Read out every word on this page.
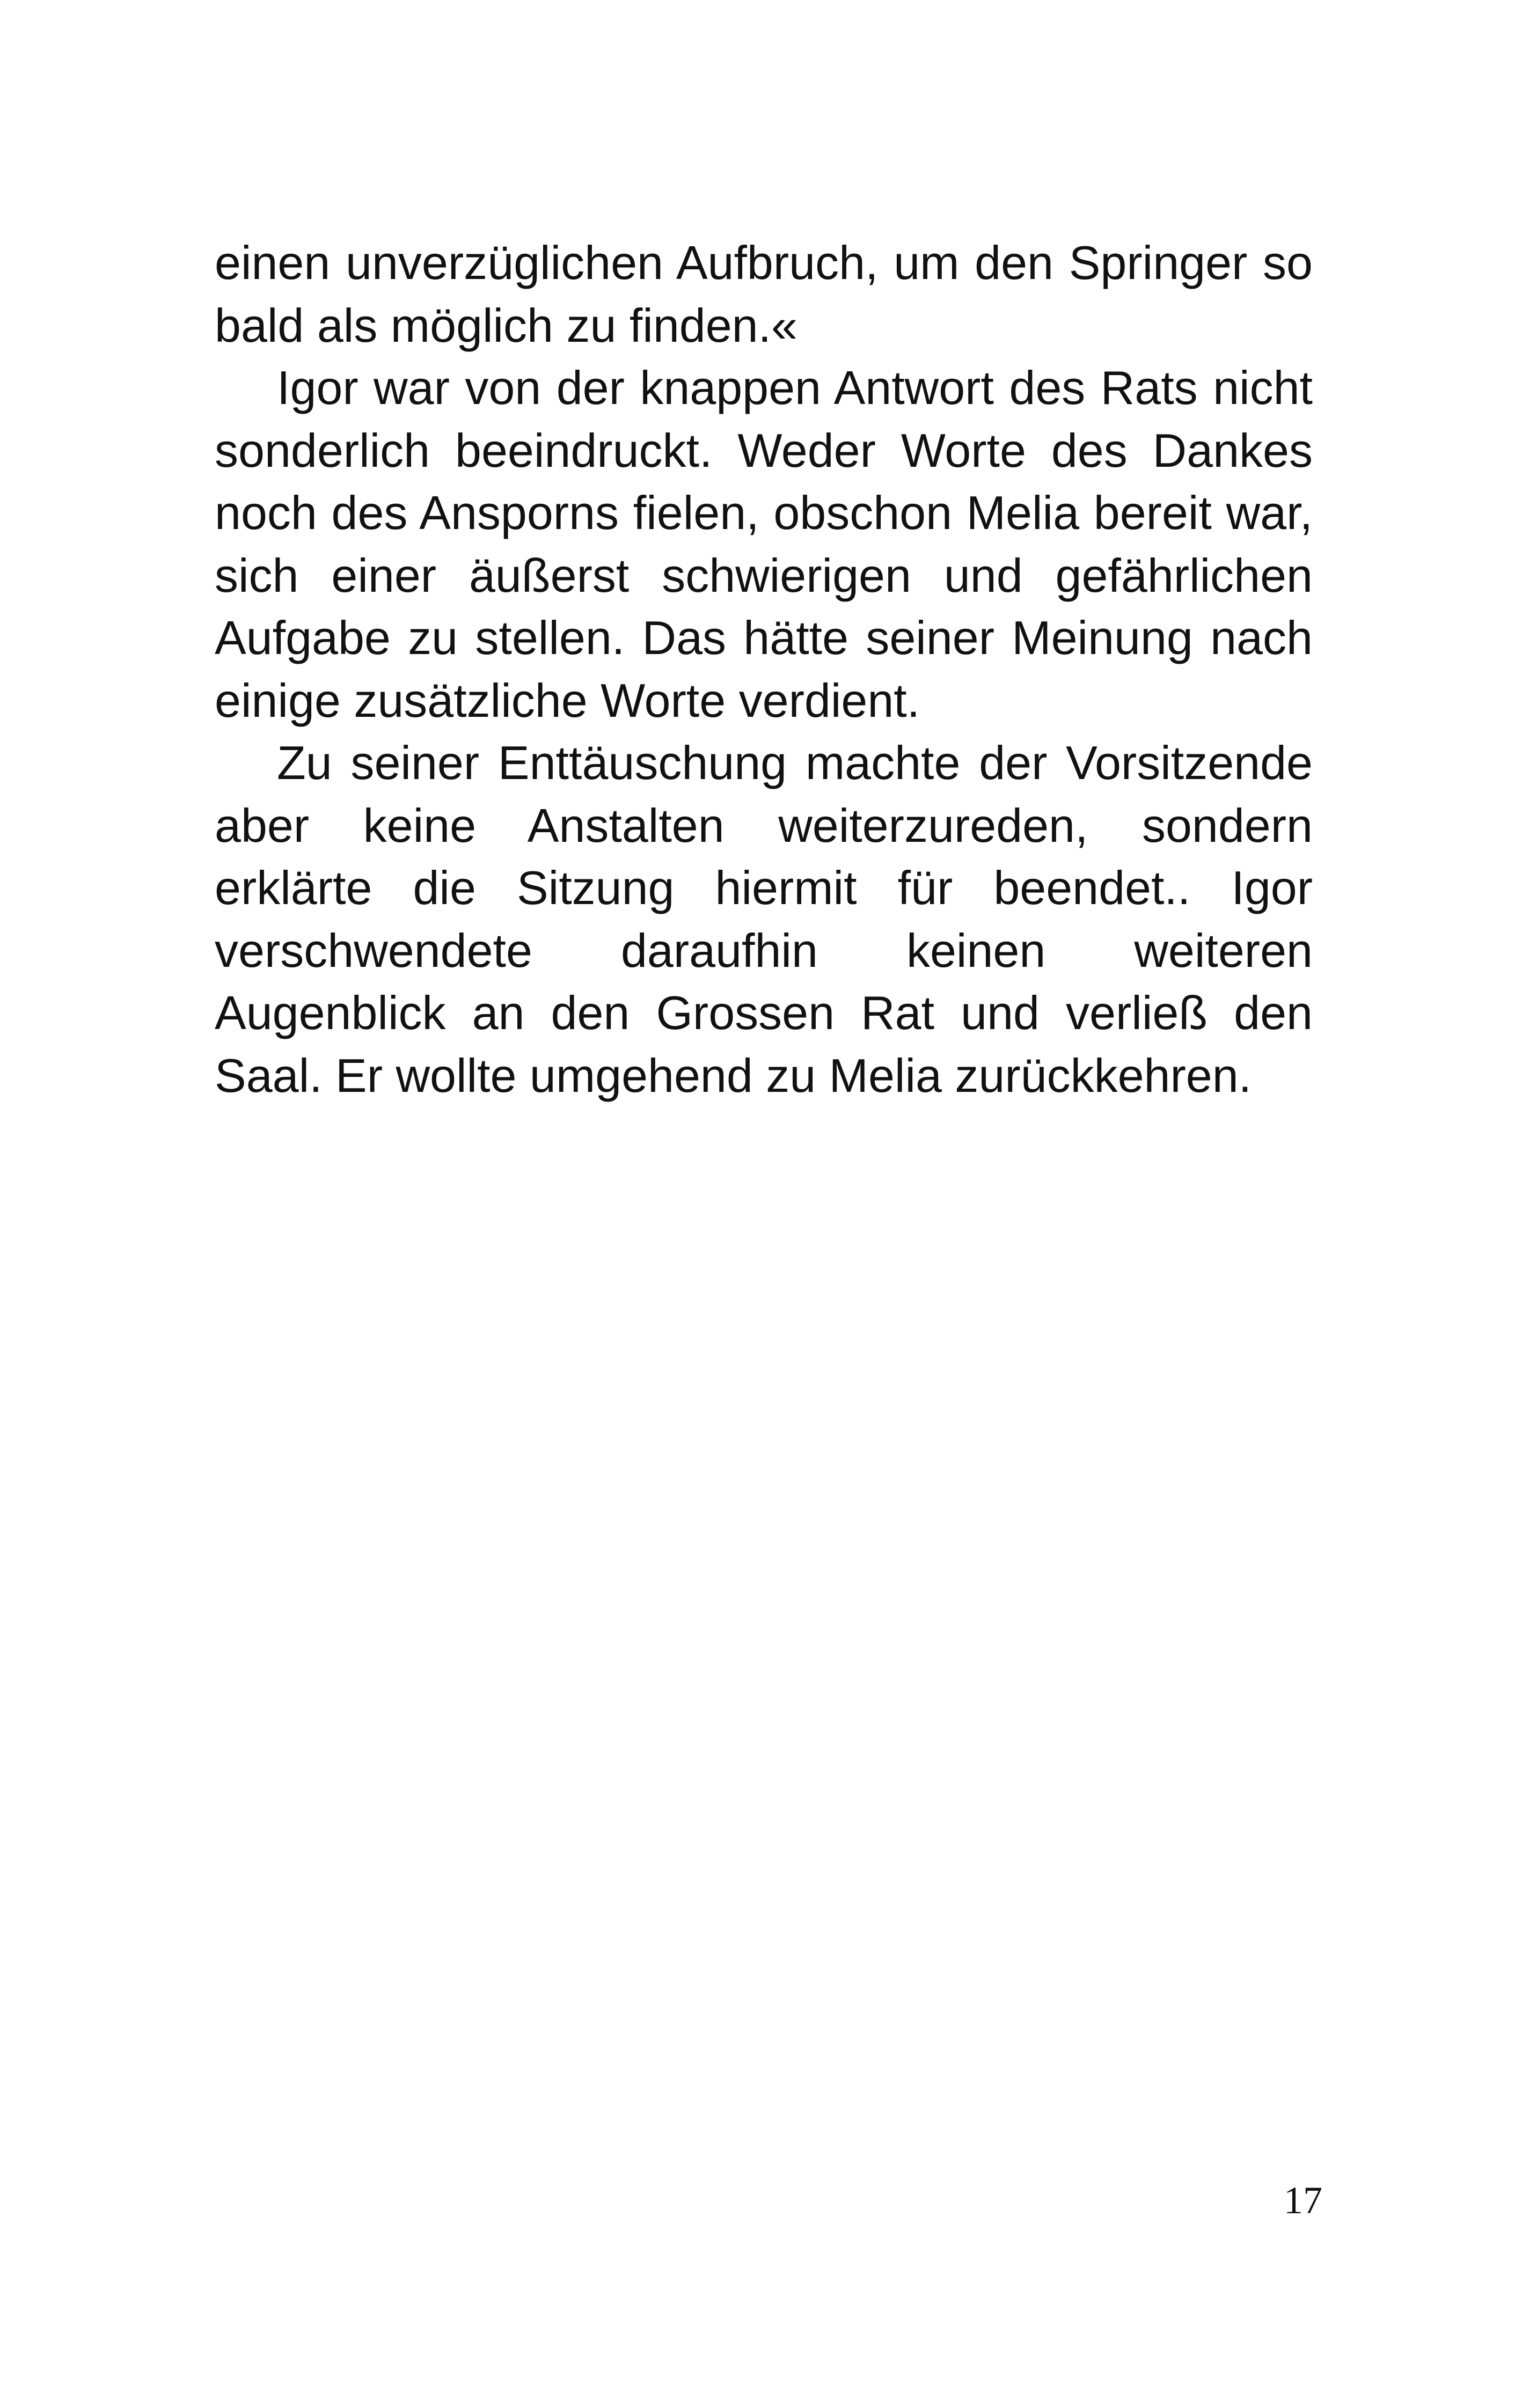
einen unverzüglichen Aufbruch, um den Springer so bald als möglich zu finden.«

Igor war von der knappen Antwort des Rats nicht sonderlich beeindruckt. Weder Worte des Dankes noch des Ansporns fielen, obschon Melia bereit war, sich einer äußerst schwierigen und gefährlichen Aufgabe zu stellen. Das hätte seiner Meinung nach einige zusätzliche Worte verdient.

Zu seiner Enttäuschung machte der Vorsitzende aber keine Anstalten weiterzureden, sondern erklärte die Sitzung hiermit für beendet.. Igor verschwendete daraufhin keinen weiteren Augenblick an den Grossen Rat und verließ den Saal. Er wollte umgehend zu Melia zurückkehren.

17
